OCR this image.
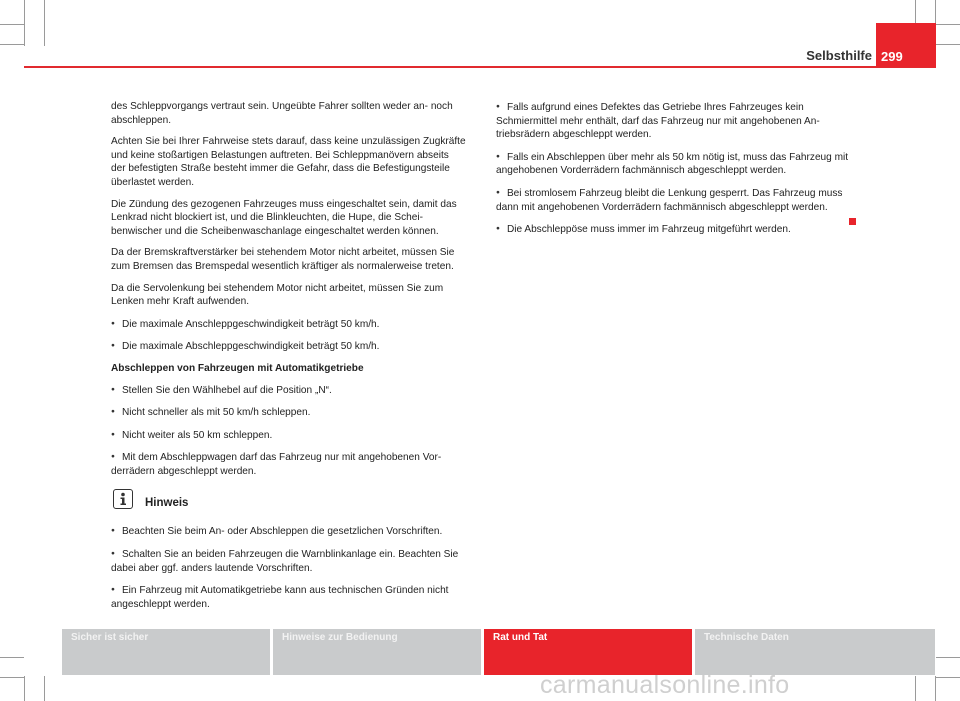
Selbsthilfe 299

des Schleppvorgangs vertraut sein. Ungeübte Fahrer sollten weder an- noch abschleppen.

Achten Sie bei Ihrer Fahrweise stets darauf, dass keine unzulässigen Zugkräfte und keine stoßartigen Belastungen auftreten. Bei Schleppmanövern abseits der befestigten Straße besteht immer die Gefahr, dass die Befestigungsteile überlastet werden.

Die Zündung des gezogenen Fahrzeuges muss eingeschaltet sein, damit das Lenkrad nicht blockiert ist, und die Blinkleuchten, die Hupe, die Scheibenwischer und die Scheibenwaschanlage eingeschaltet werden können.

Da der Bremskraftverstärker bei stehendem Motor nicht arbeitet, müssen Sie zum Bremsen das Bremspedal wesentlich kräftiger als normalerweise treten.

Da die Servolenkung bei stehendem Motor nicht arbeitet, müssen Sie zum Lenken mehr Kraft aufwenden.

● Die maximale Anschleppgeschwindigkeit beträgt 50 km/h.

● Die maximale Abschleppgeschwindigkeit beträgt 50 km/h.

Abschleppen von Fahrzeugen mit Automatikgetriebe

● Stellen Sie den Wählhebel auf die Position „N“.

● Nicht schneller als mit 50 km/h schleppen.

● Nicht weiter als 50 km schleppen.

● Mit dem Abschleppwagen darf das Fahrzeug nur mit angehobenen Vorderrädern abgeschleppt werden.

Hinweis

● Beachten Sie beim An- oder Abschleppen die gesetzlichen Vorschriften.

● Schalten Sie an beiden Fahrzeugen die Warnblinkanlage ein. Beachten Sie dabei aber ggf. anders lautende Vorschriften.

● Ein Fahrzeug mit Automatikgetriebe kann aus technischen Gründen nicht angeschleppt werden.

● Falls aufgrund eines Defektes das Getriebe Ihres Fahrzeuges kein Schmiermittel mehr enthält, darf das Fahrzeug nur mit angehobenen Antriebsrädern abgeschleppt werden.

● Falls ein Abschleppen über mehr als 50 km nötig ist, muss das Fahrzeug mit angehobenen Vorderrädern fachmännisch abgeschleppt werden.

● Bei stromlosem Fahrzeug bleibt die Lenkung gesperrt. Das Fahrzeug muss dann mit angehobenen Vorderrädern fachmännisch abgeschleppt werden.

● Die Abschleppöse muss immer im Fahrzeug mitgeführt werden.

Sicher ist sicher	Hinweise zur Bedienung	Rat und Tat	Technische Daten
carmanualsonline.info
